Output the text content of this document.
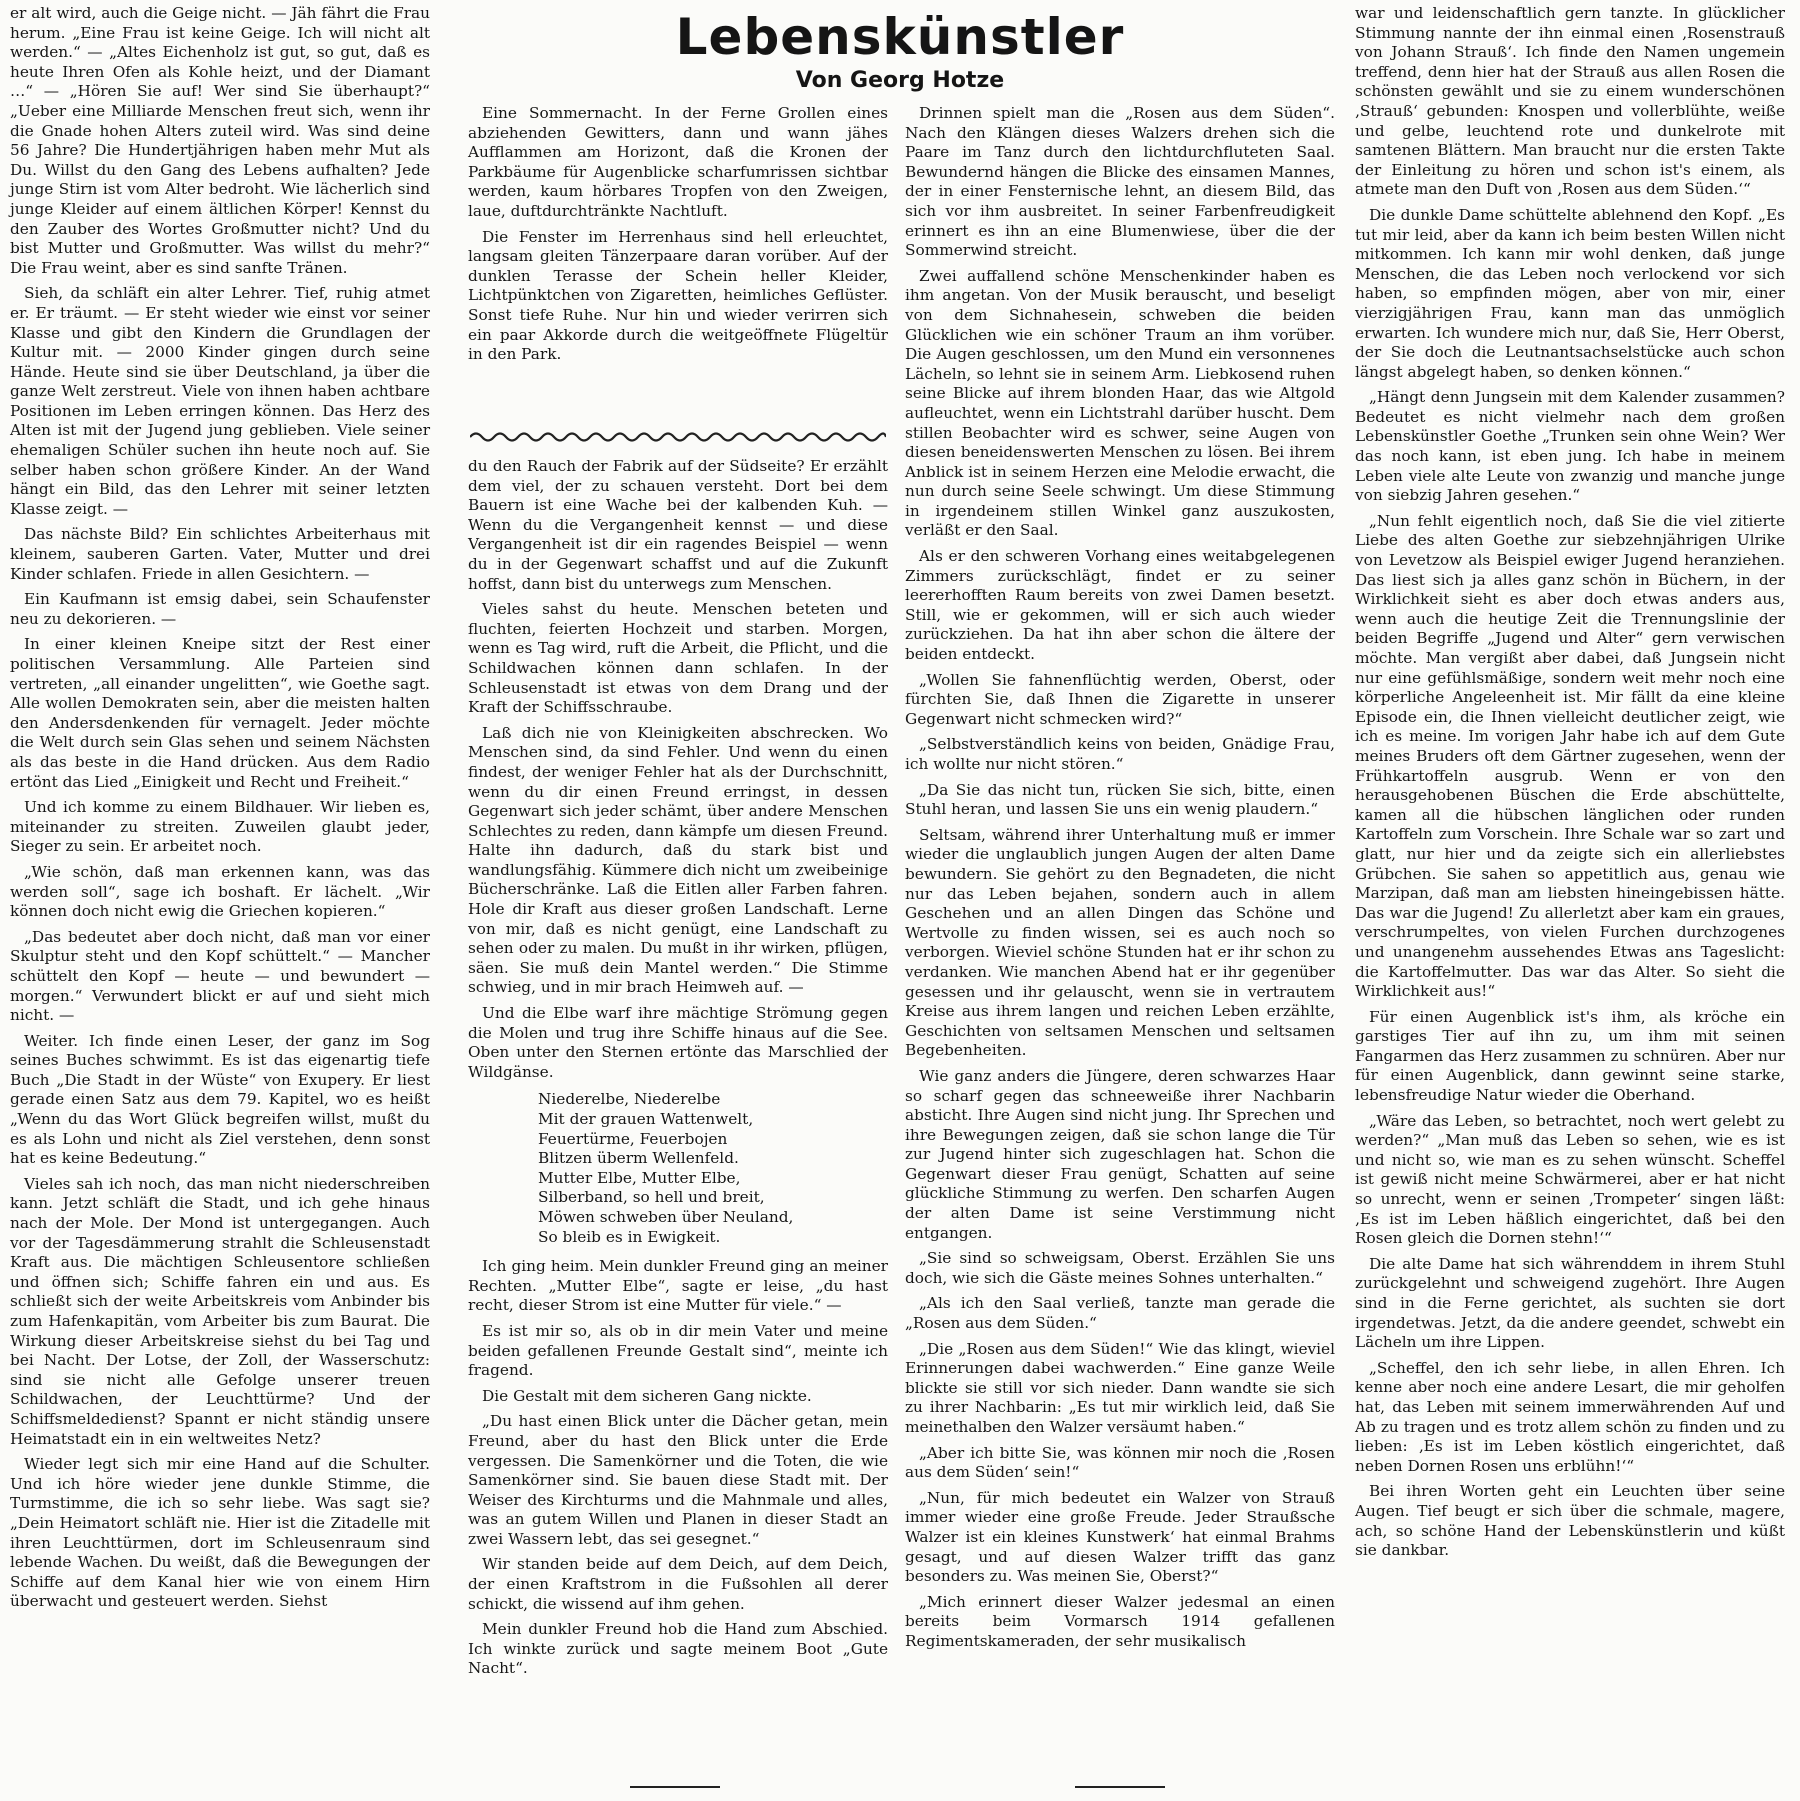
er alt wird, auch die Geige nicht. — Jäh fährt die Frau herum. „Eine Frau ist keine Geige. Ich will nicht alt werden.“ — „Altes Eichenholz ist gut, so gut, daß es heute Ihren Ofen als Kohle heizt, und der Diamant …“ — „Hören Sie auf! Wer sind Sie überhaupt?“ „Ueber eine Milliarde Menschen freut sich, wenn ihr die Gnade hohen Alters zuteil wird. Was sind deine 56 Jahre? Die Hundertjährigen haben mehr Mut als Du. Willst du den Gang des Lebens aufhalten? Jede junge Stirn ist vom Alter bedroht. Wie lächerlich sind junge Kleider auf einem ältlichen Körper! Kennst du den Zauber des Wortes Großmutter nicht? Und du bist Mutter und Großmutter. Was willst du mehr?“ Die Frau weint, aber es sind sanfte Tränen.

Sieh, da schläft ein alter Lehrer. Tief, ruhig atmet er. Er träumt. — Er steht wieder wie einst vor seiner Klasse und gibt den Kindern die Grundlagen der Kultur mit. — 2000 Kinder gingen durch seine Hände. Heute sind sie über Deutschland, ja über die ganze Welt zerstreut. Viele von ihnen haben achtbare Positionen im Leben erringen können. Das Herz des Alten ist mit der Jugend jung geblieben. Viele seiner ehemaligen Schüler suchen ihn heute noch auf. Sie selber haben schon größere Kinder. An der Wand hängt ein Bild, das den Lehrer mit seiner letzten Klasse zeigt. —

Das nächste Bild? Ein schlichtes Arbeiterhaus mit kleinem, sauberen Garten. Vater, Mutter und drei Kinder schlafen. Friede in allen Gesichtern. —

Ein Kaufmann ist emsig dabei, sein Schaufenster neu zu dekorieren. —

In einer kleinen Kneipe sitzt der Rest einer politischen Versammlung. Alle Parteien sind vertreten, „all einander ungelitten“, wie Goethe sagt. Alle wollen Demokraten sein, aber die meisten halten den Andersdenkenden für vernagelt. Jeder möchte die Welt durch sein Glas sehen und seinem Nächsten als das beste in die Hand drücken. Aus dem Radio ertönt das Lied „Einigkeit und Recht und Freiheit.“

Und ich komme zu einem Bildhauer. Wir lieben es, miteinander zu streiten. Zuweilen glaubt jeder, Sieger zu sein. Er arbeitet noch.

„Wie schön, daß man erkennen kann, was das werden soll“, sage ich boshaft. Er lächelt. „Wir können doch nicht ewig die Griechen kopieren.“

„Das bedeutet aber doch nicht, daß man vor einer Skulptur steht und den Kopf schüttelt.“ — Mancher schüttelt den Kopf — heute — und bewundert — morgen.“ Verwundert blickt er auf und sieht mich nicht. —

Weiter. Ich finde einen Leser, der ganz im Sog seines Buches schwimmt. Es ist das eigenartig tiefe Buch „Die Stadt in der Wüste“ von Exupery. Er liest gerade einen Satz aus dem 79. Kapitel, wo es heißt „Wenn du das Wort Glück begreifen willst, mußt du es als Lohn und nicht als Ziel verstehen, denn sonst hat es keine Bedeutung.“

Vieles sah ich noch, das man nicht niederschreiben kann. Jetzt schläft die Stadt, und ich gehe hinaus nach der Mole. Der Mond ist untergegangen. Auch vor der Tagesdämmerung strahlt die Schleusenstadt Kraft aus. Die mächtigen Schleusentore schließen und öffnen sich; Schiffe fahren ein und aus. Es schließt sich der weite Arbeitskreis vom Anbinder bis zum Hafenkapitän, vom Arbeiter bis zum Baurat. Die Wirkung dieser Arbeitskreise siehst du bei Tag und bei Nacht. Der Lotse, der Zoll, der Wasserschutz: sind sie nicht alle Gefolge unserer treuen Schildwachen, der Leuchttürme? Und der Schiffsmeldedienst? Spannt er nicht ständig unsere Heimatstadt ein in ein weltweites Netz?

Wieder legt sich mir eine Hand auf die Schulter. Und ich höre wieder jene dunkle Stimme, die Turmstimme, die ich so sehr liebe. Was sagt sie? „Dein Heimatort schläft nie. Hier ist die Zitadelle mit ihren Leuchttürmen, dort im Schleusenraum sind lebende Wachen. Du weißt, daß die Bewegungen der Schiffe auf dem Kanal hier wie von einem Hirn überwacht und gesteuert werden. Siehst

Lebenskünstler
Von Georg Hotze

Eine Sommernacht. In der Ferne Grollen eines abziehenden Gewitters, dann und wann jähes Aufflammen am Horizont, daß die Kronen der Parkbäume für Augenblicke scharfumrissen sichtbar werden, kaum hörbares Tropfen von den Zweigen, laue, duftdurchtränkte Nachtluft.

Die Fenster im Herrenhaus sind hell erleuchtet, langsam gleiten Tänzerpaare daran vorüber. Auf der dunklen Terasse der Schein heller Kleider, Lichtpünktchen von Zigaretten, heimliches Geflüster. Sonst tiefe Ruhe. Nur hin und wieder verirren sich ein paar Akkorde durch die weitgeöffnete Flügeltür in den Park.

du den Rauch der Fabrik auf der Südseite? Er erzählt dem viel, der zu schauen versteht. Dort bei dem Bauern ist eine Wache bei der kalbenden Kuh. — Wenn du die Vergangenheit kennst — und diese Vergangenheit ist dir ein ragendes Beispiel — wenn du in der Gegenwart schaffst und auf die Zukunft hoffst, dann bist du unterwegs zum Menschen.

Vieles sahst du heute. Menschen beteten und fluchten, feierten Hochzeit und starben. Morgen, wenn es Tag wird, ruft die Arbeit, die Pflicht, und die Schildwachen können dann schlafen. In der Schleusenstadt ist etwas von dem Drang und der Kraft der Schiffsschraube.

Laß dich nie von Kleinigkeiten abschrecken. Wo Menschen sind, da sind Fehler. Und wenn du einen findest, der weniger Fehler hat als der Durchschnitt, wenn du dir einen Freund erringst, in dessen Gegenwart sich jeder schämt, über andere Menschen Schlechtes zu reden, dann kämpfe um diesen Freund. Halte ihn dadurch, daß du stark bist und wandlungsfähig. Kümmere dich nicht um zweibeinige Bücherschränke. Laß die Eitlen aller Farben fahren. Hole dir Kraft aus dieser großen Landschaft. Lerne von mir, daß es nicht genügt, eine Landschaft zu sehen oder zu malen. Du mußt in ihr wirken, pflügen, säen. Sie muß dein Mantel werden.“ Die Stimme schwieg, und in mir brach Heimweh auf. —

Und die Elbe warf ihre mächtige Strömung gegen die Molen und trug ihre Schiffe hinaus auf die See. Oben unter den Sternen ertönte das Marschlied der Wildgänse.

Niederelbe, Niederelbe
Mit der grauen Wattenwelt,
Feuertürme, Feuerbojen
Blitzen überm Wellenfeld.
Mutter Elbe, Mutter Elbe,
Silberband, so hell und breit,
Möwen schweben über Neuland,
So bleib es in Ewigkeit.

Ich ging heim. Mein dunkler Freund ging an meiner Rechten. „Mutter Elbe“, sagte er leise, „du hast recht, dieser Strom ist eine Mutter für viele.“ —

Es ist mir so, als ob in dir mein Vater und meine beiden gefallenen Freunde Gestalt sind“, meinte ich fragend.

Die Gestalt mit dem sicheren Gang nickte.

„Du hast einen Blick unter die Dächer getan, mein Freund, aber du hast den Blick unter die Erde vergessen. Die Samenkörner und die Toten, die wie Samenkörner sind. Sie bauen diese Stadt mit. Der Weiser des Kirchturms und die Mahnmale und alles, was an gutem Willen und Planen in dieser Stadt an zwei Wassern lebt, das sei gesegnet.“

Wir standen beide auf dem Deich, auf dem Deich, der einen Kraftstrom in die Fußsohlen all derer schickt, die wissend auf ihm gehen.

Mein dunkler Freund hob die Hand zum Abschied. Ich winkte zurück und sagte meinem Boot „Gute Nacht“.

Drinnen spielt man die „Rosen aus dem Süden“. Nach den Klängen dieses Walzers drehen sich die Paare im Tanz durch den lichtdurchfluteten Saal. Bewundernd hängen die Blicke des einsamen Mannes, der in einer Fensternische lehnt, an diesem Bild, das sich vor ihm ausbreitet. In seiner Farbenfreudigkeit erinnert es ihn an eine Blumenwiese, über die der Sommerwind streicht.

Zwei auffallend schöne Menschenkinder haben es ihm angetan. Von der Musik berauscht, und beseligt von dem Sichnahesein, schweben die beiden Glücklichen wie ein schöner Traum an ihm vorüber. Die Augen geschlossen, um den Mund ein versonnenes Lächeln, so lehnt sie in seinem Arm. Liebkosend ruhen seine Blicke auf ihrem blonden Haar, das wie Altgold aufleuchtet, wenn ein Lichtstrahl darüber huscht. Dem stillen Beobachter wird es schwer, seine Augen von diesen beneidenswerten Menschen zu lösen. Bei ihrem Anblick ist in seinem Herzen eine Melodie erwacht, die nun durch seine Seele schwingt. Um diese Stimmung in irgendeinem stillen Winkel ganz auszukosten, verläßt er den Saal.

Als er den schweren Vorhang eines weitabgelegenen Zimmers zurückschlägt, findet er zu seiner leererhofften Raum bereits von zwei Damen besetzt. Still, wie er gekommen, will er sich auch wieder zurückziehen. Da hat ihn aber schon die ältere der beiden entdeckt.

„Wollen Sie fahnenflüchtig werden, Oberst, oder fürchten Sie, daß Ihnen die Zigarette in unserer Gegenwart nicht schmecken wird?“

„Selbstverständlich keins von beiden, Gnädige Frau, ich wollte nur nicht stören.“

„Da Sie das nicht tun, rücken Sie sich, bitte, einen Stuhl heran, und lassen Sie uns ein wenig plaudern.“

Seltsam, während ihrer Unterhaltung muß er immer wieder die unglaublich jungen Augen der alten Dame bewundern. Sie gehört zu den Begnadeten, die nicht nur das Leben bejahen, sondern auch in allem Geschehen und an allen Dingen das Schöne und Wertvolle zu finden wissen, sei es auch noch so verborgen. Wieviel schöne Stunden hat er ihr schon zu verdanken. Wie manchen Abend hat er ihr gegenüber gesessen und ihr gelauscht, wenn sie in vertrautem Kreise aus ihrem langen und reichen Leben erzählte, Geschichten von seltsamen Menschen und seltsamen Begebenheiten.

Wie ganz anders die Jüngere, deren schwarzes Haar so scharf gegen das schneeweiße ihrer Nachbarin absticht. Ihre Augen sind nicht jung. Ihr Sprechen und ihre Bewegungen zeigen, daß sie schon lange die Tür zur Jugend hinter sich zugeschlagen hat. Schon die Gegenwart dieser Frau genügt, Schatten auf seine glückliche Stimmung zu werfen. Den scharfen Augen der alten Dame ist seine Verstimmung nicht entgangen.

„Sie sind so schweigsam, Oberst. Erzählen Sie uns doch, wie sich die Gäste meines Sohnes unterhalten.“

„Als ich den Saal verließ, tanzte man gerade die „Rosen aus dem Süden.“

„Die „Rosen aus dem Süden!“ Wie das klingt, wieviel Erinnerungen dabei wachwerden.“ Eine ganze Weile blickte sie still vor sich nieder. Dann wandte sie sich zu ihrer Nachbarin: „Es tut mir wirklich leid, daß Sie meinethalben den Walzer versäumt haben.“

„Aber ich bitte Sie, was können mir noch die ‚Rosen aus dem Süden‘ sein!“

„Nun, für mich bedeutet ein Walzer von Strauß immer wieder eine große Freude. Jeder Straußsche Walzer ist ein kleines Kunstwerk‘ hat einmal Brahms gesagt, und auf diesen Walzer trifft das ganz besonders zu. Was meinen Sie, Oberst?“

„Mich erinnert dieser Walzer jedesmal an einen bereits beim Vormarsch 1914 gefallenen Regimentskameraden, der sehr musikalisch

war und leidenschaftlich gern tanzte. In glücklicher Stimmung nannte der ihn einmal einen ‚Rosenstrauß von Johann Strauß‘. Ich finde den Namen ungemein treffend, denn hier hat der Strauß aus allen Rosen die schönsten gewählt und sie zu einem wunderschönen ‚Strauß‘ gebunden: Knospen und vollerblühte, weiße und gelbe, leuchtend rote und dunkelrote mit samtenen Blättern. Man braucht nur die ersten Takte der Einleitung zu hören und schon ist's einem, als atmete man den Duft von ‚Rosen aus dem Süden.‘“

Die dunkle Dame schüttelte ablehnend den Kopf. „Es tut mir leid, aber da kann ich beim besten Willen nicht mitkommen. Ich kann mir wohl denken, daß junge Menschen, die das Leben noch verlockend vor sich haben, so empfinden mögen, aber von mir, einer vierzigjährigen Frau, kann man das unmöglich erwarten. Ich wundere mich nur, daß Sie, Herr Oberst, der Sie doch die Leutnantsachselstücke auch schon längst abgelegt haben, so denken können.“

„Hängt denn Jungsein mit dem Kalender zusammen? Bedeutet es nicht vielmehr nach dem großen Lebenskünstler Goethe „Trunken sein ohne Wein? Wer das noch kann, ist eben jung. Ich habe in meinem Leben viele alte Leute von zwanzig und manche junge von siebzig Jahren gesehen.“

„Nun fehlt eigentlich noch, daß Sie die viel zitierte Liebe des alten Goethe zur siebzehnjährigen Ulrike von Levetzow als Beispiel ewiger Jugend heranziehen. Das liest sich ja alles ganz schön in Büchern, in der Wirklichkeit sieht es aber doch etwas anders aus, wenn auch die heutige Zeit die Trennungslinie der beiden Begriffe „Jugend und Alter“ gern verwischen möchte. Man vergißt aber dabei, daß Jungsein nicht nur eine gefühlsmäßige, sondern weit mehr noch eine körperliche Angeleenheit ist. Mir fällt da eine kleine Episode ein, die Ihnen vielleicht deutlicher zeigt, wie ich es meine. Im vorigen Jahr habe ich auf dem Gute meines Bruders oft dem Gärtner zugesehen, wenn der Frühkartoffeln ausgrub. Wenn er von den herausgehobenen Büschen die Erde abschüttelte, kamen all die hübschen länglichen oder runden Kartoffeln zum Vorschein. Ihre Schale war so zart und glatt, nur hier und da zeigte sich ein allerliebstes Grübchen. Sie sahen so appetitlich aus, genau wie Marzipan, daß man am liebsten hineingebissen hätte. Das war die Jugend! Zu allerletzt aber kam ein graues, verschrumpeltes, von vielen Furchen durchzogenes und unangenehm aussehendes Etwas ans Tageslicht: die Kartoffelmutter. Das war das Alter. So sieht die Wirklichkeit aus!“

Für einen Augenblick ist's ihm, als kröche ein garstiges Tier auf ihn zu, um ihm mit seinen Fangarmen das Herz zusammen zu schnüren. Aber nur für einen Augenblick, dann gewinnt seine starke, lebensfreudige Natur wieder die Oberhand.

„Wäre das Leben, so betrachtet, noch wert gelebt zu werden?“ „Man muß das Leben so sehen, wie es ist und nicht so, wie man es zu sehen wünscht. Scheffel ist gewiß nicht meine Schwärmerei, aber er hat nicht so unrecht, wenn er seinen ‚Trompeter‘ singen läßt: ‚Es ist im Leben häßlich eingerichtet, daß bei den Rosen gleich die Dornen stehn!‘“

Die alte Dame hat sich währenddem in ihrem Stuhl zurückgelehnt und schweigend zugehört. Ihre Augen sind in die Ferne gerichtet, als suchten sie dort irgendetwas. Jetzt, da die andere geendet, schwebt ein Lächeln um ihre Lippen.

„Scheffel, den ich sehr liebe, in allen Ehren. Ich kenne aber noch eine andere Lesart, die mir geholfen hat, das Leben mit seinem immerwährenden Auf und Ab zu tragen und es trotz allem schön zu finden und zu lieben: ‚Es ist im Leben köstlich eingerichtet, daß neben Dornen Rosen uns erblühn!‘“

Bei ihren Worten geht ein Leuchten über seine Augen. Tief beugt er sich über die schmale, magere, ach, so schöne Hand der Lebenskünstlerin und küßt sie dankbar.
